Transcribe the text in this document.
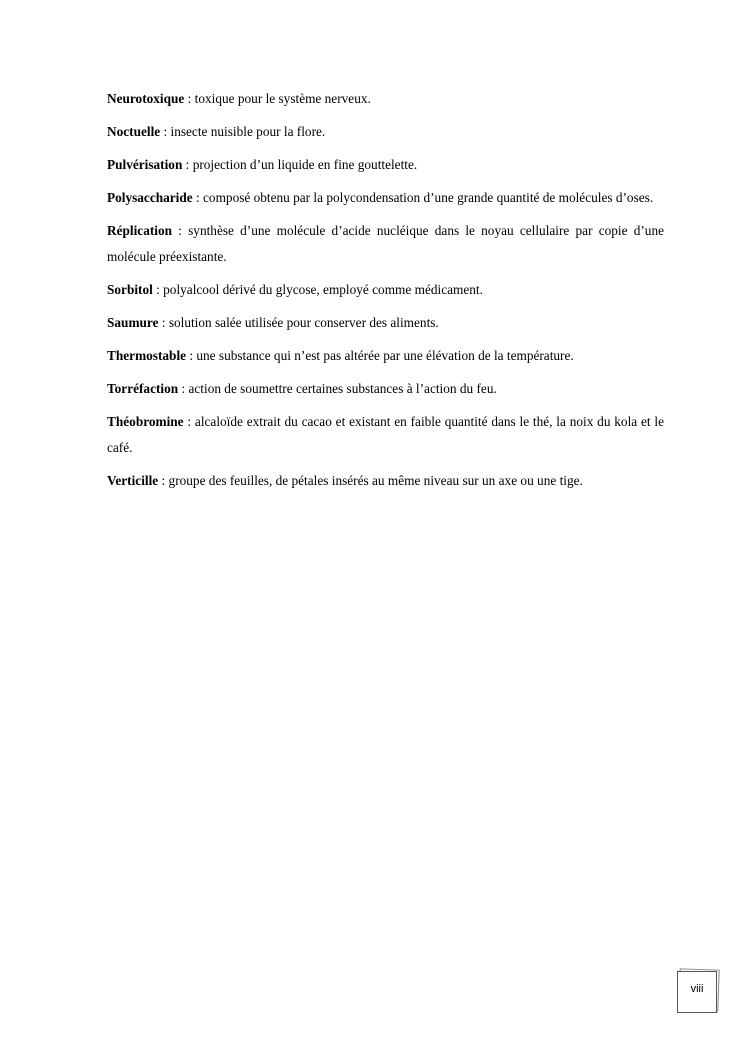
Neurotoxique : toxique pour le système nerveux.

Noctuelle : insecte nuisible pour la flore.

Pulvérisation : projection d’un liquide en fine gouttelette.

Polysaccharide : composé obtenu par la polycondensation d’une grande quantité de molécules d’oses.

Réplication : synthèse d’une molécule d’acide nucléique dans le noyau cellulaire par copie d’une molécule préexistante.

Sorbitol : polyalcool dérivé du glycose, employé comme médicament.

Saumure : solution salée utilisée pour conserver des aliments.

Thermostable : une substance qui n’est pas altérée par une élévation de la température.

Torréfaction : action de soumettre certaines substances à l’action du feu.

Théobromine : alcaloïde extrait du cacao et existant en faible quantité dans le thé, la noix du kola et le café.

Verticille : groupe des feuilles, de pétales insérés au même niveau sur un axe ou une tige.

viii
